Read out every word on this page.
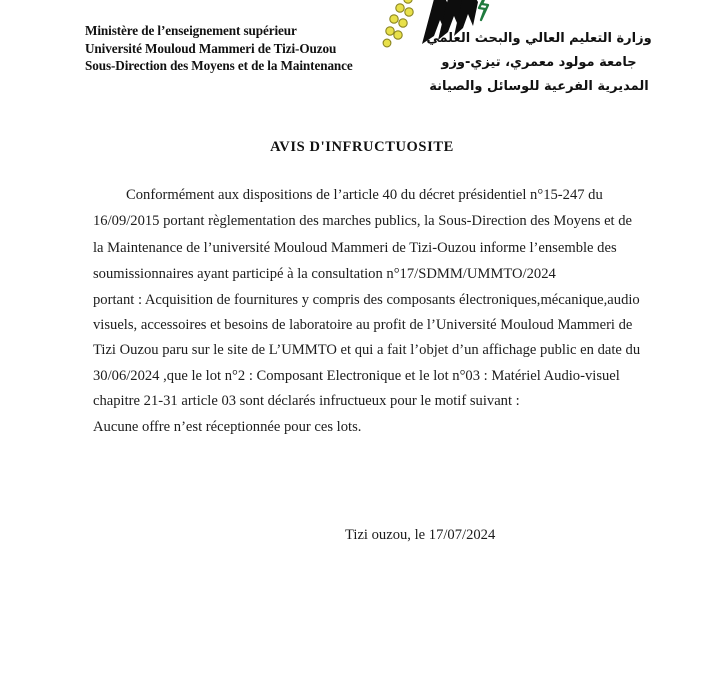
Ministère de l’enseignement supérieur
Université Mouloud Mammeri de Tizi-Ouzou
Sous-Direction des Moyens et de la Maintenance
وزارة التعليم العالي والبحث العلمي
جامعة مولود معمري، تيزي-وزو
المديرية الفرعية للوسائل والصيانة
AVIS D'INFRUCTUOSITE
Conformément aux dispositions de l’article 40 du décret présidentiel n°15-247 du
16/09/2015 portant règlementation des marches publics, la Sous-Direction des Moyens et de
la Maintenance de l’université Mouloud Mammeri de Tizi-Ouzou informe l’ensemble des
soumissionnaires ayant participé à la consultation n°17/SDMM/UMMTO/2024
portant : Acquisition de fournitures y compris des composants électroniques,mécanique,audio
visuels, accessoires et besoins de laboratoire au profit de l’Université Mouloud Mammeri de
Tizi Ouzou paru sur le site de L’UMMTO et qui a fait l’objet d’un affichage public en date du
30/06/2024 ,que le lot n°2 : Composant Electronique et le lot n°03 : Matériel Audio-visuel
chapitre 21-31 article 03 sont déclarés infructueux pour le motif suivant :
Aucune offre n’est réceptionnée pour ces lots.
Tizi ouzou, le 17/07/2024
